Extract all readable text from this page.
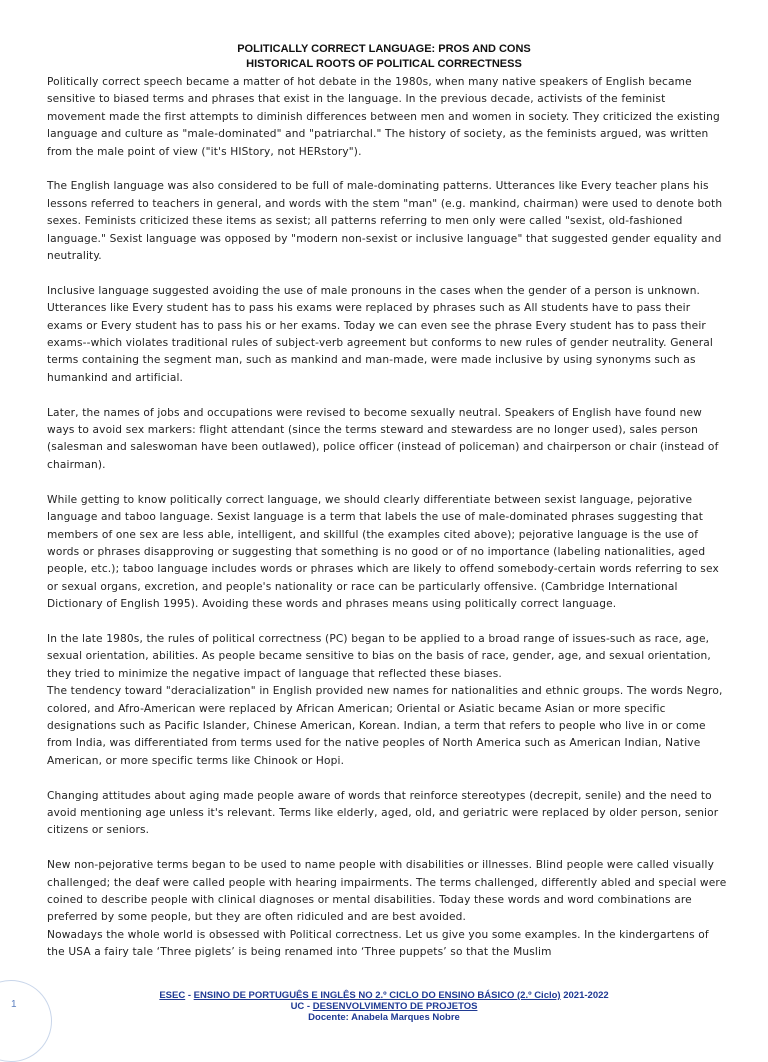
POLITICALLY CORRECT LANGUAGE: PROS AND CONS
HISTORICAL ROOTS OF POLITICAL CORRECTNESS

Politically correct speech became a matter of hot debate in the 1980s, when many native speakers of English became sensitive to biased terms and phrases that exist in the language. In the previous decade, activists of the feminist movement made the first attempts to diminish differences between men and women in society. They criticized the existing language and culture as "male-dominated" and "patriarchal." The history of society, as the feminists argued, was written from the male point of view ("it's HIStory, not HERstory").

The English language was also considered to be full of male-dominating patterns. Utterances like Every teacher plans his lessons referred to teachers in general, and words with the stem "man" (e.g. mankind, chairman) were used to denote both sexes. Feminists criticized these items as sexist; all patterns referring to men only were called "sexist, old-fashioned language." Sexist language was opposed by "modern non-sexist or inclusive language" that suggested gender equality and neutrality.

Inclusive language suggested avoiding the use of male pronouns in the cases when the gender of a person is unknown. Utterances like Every student has to pass his exams were replaced by phrases such as All students have to pass their exams or Every student has to pass his or her exams. Today we can even see the phrase Every student has to pass their exams--which violates traditional rules of subject-verb agreement but conforms to new rules of gender neutrality. General terms containing the segment man, such as mankind and man-made, were made inclusive by using synonyms such as humankind and artificial.

Later, the names of jobs and occupations were revised to become sexually neutral. Speakers of English have found new ways to avoid sex markers: flight attendant (since the terms steward and stewardess are no longer used), sales person (salesman and saleswoman have been outlawed), police officer (instead of policeman) and chairperson or chair (instead of chairman).

While getting to know politically correct language, we should clearly differentiate between sexist language, pejorative language and taboo language. Sexist language is a term that labels the use of male-dominated phrases suggesting that members of one sex are less able, intelligent, and skillful (the examples cited above); pejorative language is the use of words or phrases disapproving or suggesting that something is no good or of no importance (labeling nationalities, aged people, etc.); taboo language includes words or phrases which are likely to offend somebody-certain words referring to sex or sexual organs, excretion, and people's nationality or race can be particularly offensive. (Cambridge International Dictionary of English 1995). Avoiding these words and phrases means using politically correct language.

In the late 1980s, the rules of political correctness (PC) began to be applied to a broad range of issues-such as race, age, sexual orientation, abilities. As people became sensitive to bias on the basis of race, gender, age, and sexual orientation, they tried to minimize the negative impact of language that reflected these biases.

The tendency toward "deracialization" in English provided new names for nationalities and ethnic groups. The words Negro, colored, and Afro-American were replaced by African American; Oriental or Asiatic became Asian or more specific designations such as Pacific Islander, Chinese American, Korean. Indian, a term that refers to people who live in or come from India, was differentiated from terms used for the native peoples of North America such as American Indian, Native American, or more specific terms like Chinook or Hopi.

Changing attitudes about aging made people aware of words that reinforce stereotypes (decrepit, senile) and the need to avoid mentioning age unless it's relevant. Terms like elderly, aged, old, and geriatric were replaced by older person, senior citizens or seniors.

New non-pejorative terms began to be used to name people with disabilities or illnesses. Blind people were called visually challenged; the deaf were called people with hearing impairments. The terms challenged, differently abled and special were coined to describe people with clinical diagnoses or mental disabilities. Today these words and word combinations are preferred by some people, but they are often ridiculed and are best avoided.

Nowadays the whole world is obsessed with Political correctness. Let us give you some examples. In the kindergartens of the USA a fairy tale ‘Three piglets’ is being renamed into ‘Three puppets’ so that the Muslim

1
ESEC - ENSINO DE PORTUGUÊS E INGLÊS NO 2.º CICLO DO ENSINO BÁSICO (2.º Ciclo) 2021-2022
UC - DESENVOLVIMENTO DE PROJETOS
Docente: Anabela Marques Nobre
